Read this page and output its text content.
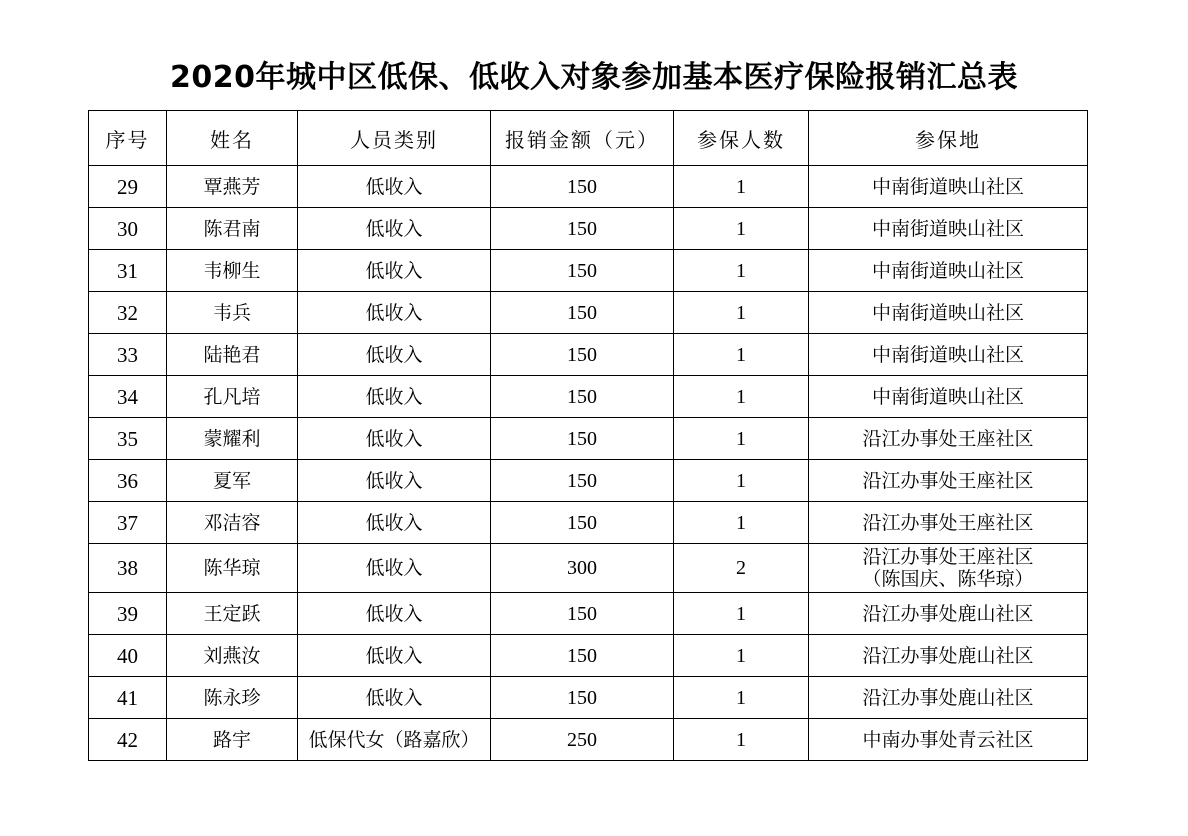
2020年城中区低保、低收入对象参加基本医疗保险报销汇总表
序号	姓名	人员类别	报销金额（元）	参保人数	参保地
29	覃燕芳	低收入	150	1	中南街道映山社区
30	陈君南	低收入	150	1	中南街道映山社区
31	韦柳生	低收入	150	1	中南街道映山社区
32	韦兵	低收入	150	1	中南街道映山社区
33	陆艳君	低收入	150	1	中南街道映山社区
34	孔凡培	低收入	150	1	中南街道映山社区
35	蒙耀利	低收入	150	1	沿江办事处王座社区
36	夏军	低收入	150	1	沿江办事处王座社区
37	邓洁容	低收入	150	1	沿江办事处王座社区
38	陈华琼	低收入	300	2	沿江办事处王座社区
（陈国庆、陈华琼）

39	王定跃	低收入	150	1	沿江办事处鹿山社区
40	刘燕汝	低收入	150	1	沿江办事处鹿山社区
41	陈永珍	低收入	150	1	沿江办事处鹿山社区
42	路宇	低保代女（路嘉欣）	250	1	中南办事处青云社区
